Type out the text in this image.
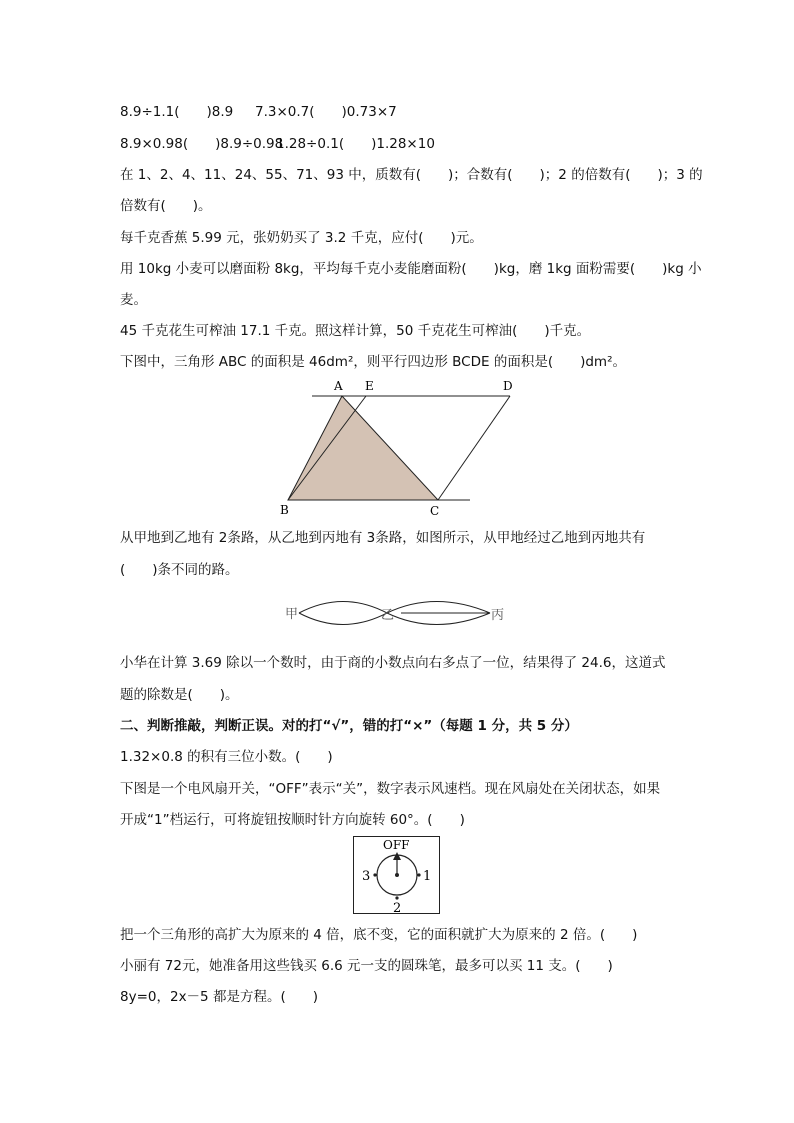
8.9÷1.1(　　)8.9 7.3×0.7(　　)0.73×7
8.9×0.98(　　)8.9÷0.98
1.28÷0.1(　　)1.28×10
在 1、2、4、11、24、55、71、93 中，质数有(　　)；合数有(　　)；2 的倍数有(　　)；3 的
倍数有(　　)。
每千克香蕉 5.99 元，张奶奶买了 3.2 千克，应付(　　)元。
用 10kg 小麦可以磨面粉 8kg，平均每千克小麦能磨面粉(　　)kg，磨 1kg 面粉需要(　　)kg 小
麦。
45 千克花生可榨油 17.1 千克。照这样计算，50 千克花生可榨油(　　)千克。
下图中，三角形 ABC 的面积是 46dm²，则平行四边形 BCDE 的面积是(　　)dm²。
A E	D
B	C
从甲地到乙地有 2条路，从乙地到丙地有 3条路，如图所示，从甲地经过乙地到丙地共有
(　　)条不同的路。
甲	乙	丙
小华在计算 3.69 除以一个数时，由于商的小数点向右多点了一位，结果得了 24.6，这道式
题的除数是(　　)。
二、判断推敲，判断正误。对的打“√”，错的打“×”（每题 1 分，共 5 分）
1.32×0.8 的积有三位小数。(　　)
下图是一个电风扇开关，“OFF”表示“关”，数字表示风速档。现在风扇处在关闭状态，如果
开成“1”档运行，可将旋钮按顺时针方向旋转 60°。(　　)
OFF
3	1
2
把一个三角形的高扩大为原来的 4 倍，底不变，它的面积就扩大为原来的 2 倍。(　　)
小丽有 72元，她准备用这些钱买 6.6 元一支的圆珠笔，最多可以买 11 支。(　　)
8y=0，2x－5 都是方程。(　　)
